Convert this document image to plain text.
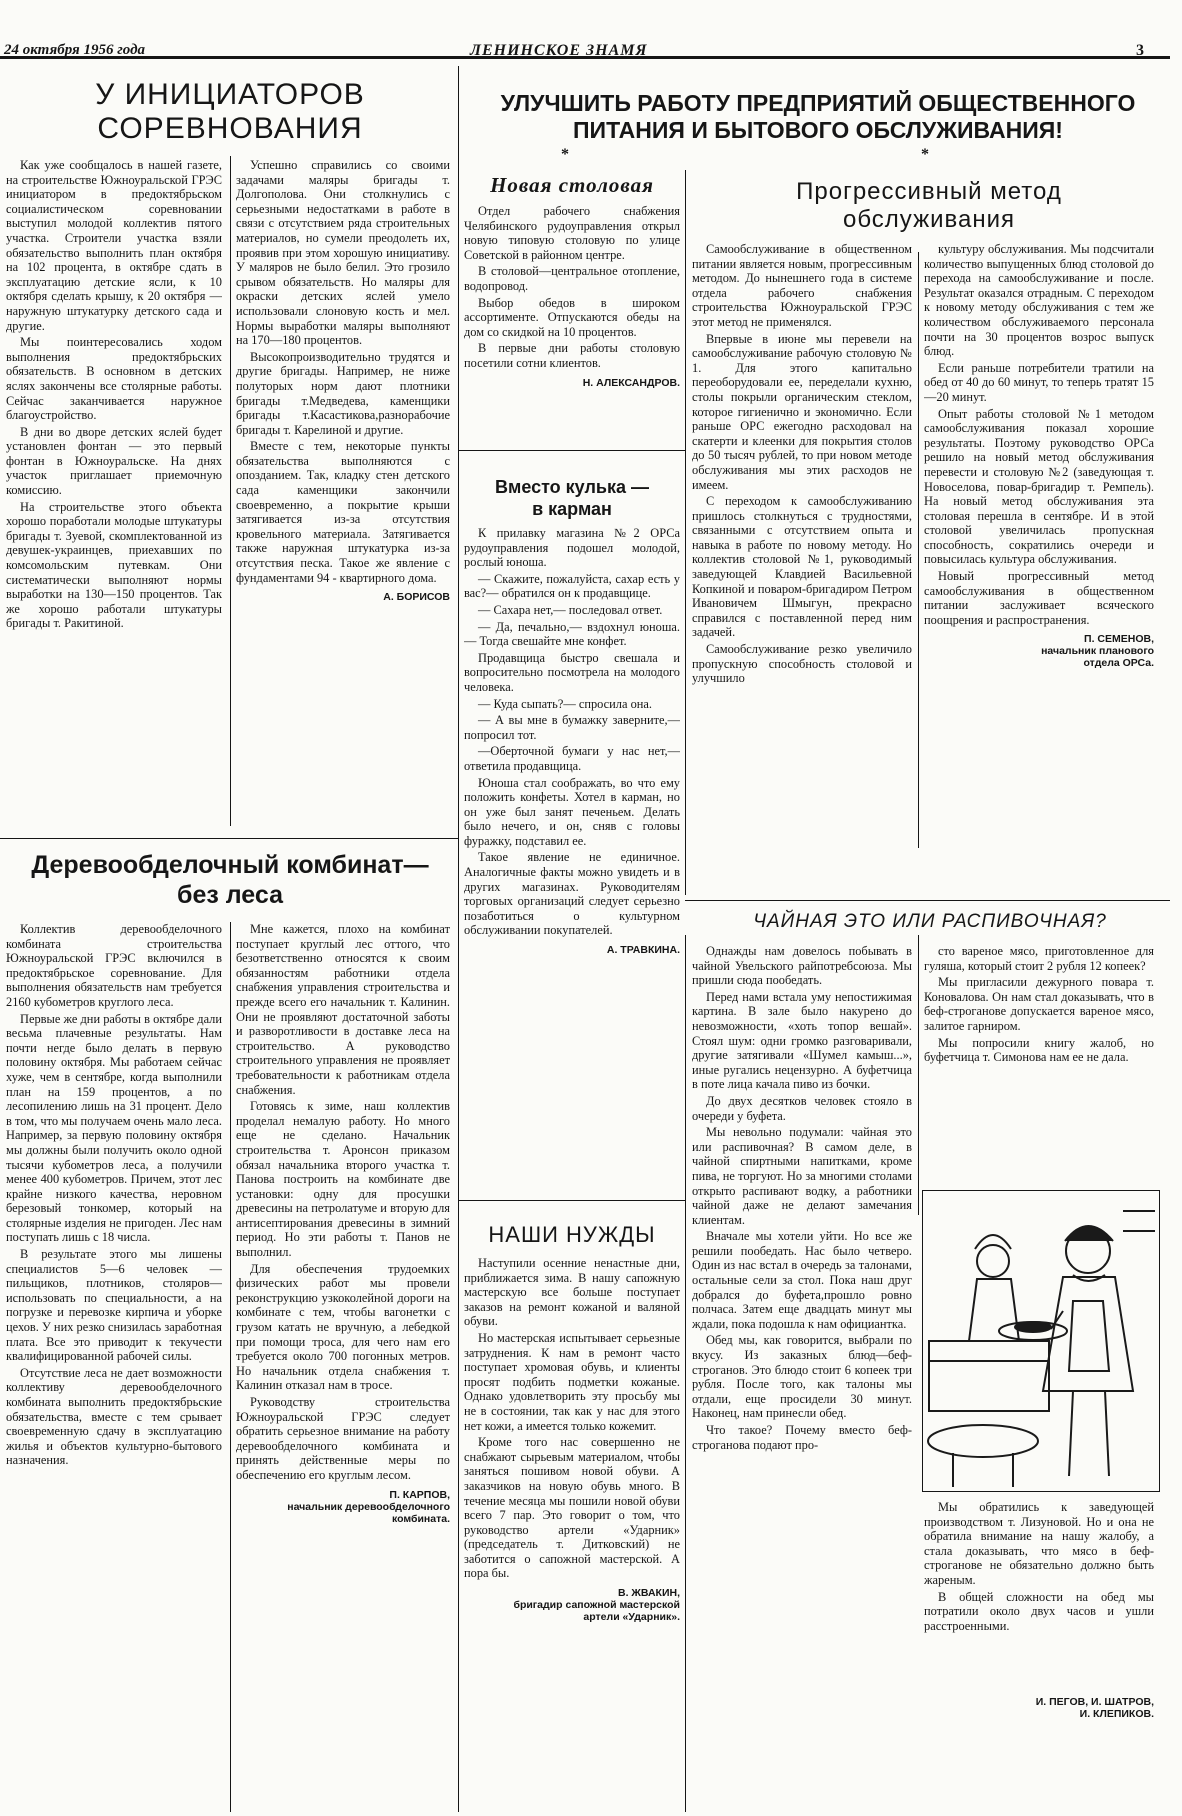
24 октября 1956 года	ЛЕНИНСКОЕ ЗНАМЯ	3
У ИНИЦИАТОРОВ
СОРЕВНОВАНИЯ

Как уже сообщалось в нашей газете, на строительстве Южноуральской ГРЭС инициатором в предоктябрьском социалистическом соревновании выступил молодой коллектив пятого участка. Строители участка взяли обязательство выполнить план октября на 102 процента, в октябре сдать в эксплуатацию детские ясли, к 10 октября сделать крышу, к 20 октября — наружную штукатурку детского сада и другие.

Мы поинтересовались ходом выполнения предоктябрьских обязательств. В основном в детских яслях закончены все столярные работы. Сейчас заканчивается наружное благоустройство.

В дни во дворе детских яслей будет установлен фонтан — это первый фонтан в Южноуральске. На днях участок приглашает приемочную комиссию.

На строительстве этого объекта хорошо поработали молодые штукатуры бригады т. Зуевой, скомплектованной из девушек-украинцев, приехавших по комсомольским путевкам. Они систематически выполняют нормы выработки на 130—150 процентов. Так же хорошо работали штукатуры бригады т. Ракитиной.

Успешно справились со своими задачами маляры бригады т. Долгополова. Они столкнулись с серьезными недостатками в работе в связи с отсутствием ряда строительных материалов, но сумели преодолеть их, проявив при этом хорошую инициативу. У маляров не было белил. Это грозило срывом обязательств. Но маляры для окраски детских яслей умело использовали слоновую кость и мел. Нормы выработки маляры выполняют на 170—180 процентов.

Высокопроизводительно трудятся и другие бригады. Например, не ниже полуторых норм дают плотники бригады т.Медведева, каменщики бригады т.Касастикова,разнорабочие бригады т. Карелиной и другие.

Вместе с тем, некоторые пункты обязательства выполняются с опозданием. Так, кладку стен детского сада каменщики закончили своевременно, а покрытие крыши затягивается из-за отсутствия кровельного материала. Затягивается также наружная штукатурка из-за отсутствия песка. Такое же явление с фундаментами 94 - квартирного дома.

А. БОРИСОВ
Деревообделочный комбинат—
без леса

Коллектив деревообделочного комбината строительства Южноуральской ГРЭС включился в предоктябрьское соревнование. Для выполнения обязательств нам требуется 2160 кубометров круглого леса.

Первые же дни работы в октябре дали весьма плачевные результаты. Нам почти негде было делать в первую половину октября. Мы работаем сейчас хуже, чем в сентябре, когда выполнили план на 159 процентов, а по лесопилению лишь на 31 процент. Дело в том, что мы получаем очень мало леса. Например, за первую половину октября мы должны были получить около одной тысячи кубометров леса, а получили менее 400 кубометров. Причем, этот лес крайне низкого качества, неровном березовый тонкомер, который на столярные изделия не пригоден. Лес нам поступать лишь с 18 числа.

В результате этого мы лишены специалистов 5—6 человек —пильщиков, плотников, столяров—использовать по специальности, а на погрузке и перевозке кирпича и уборке цехов. У них резко снизилась заработная плата. Все это приводит к текучести квалифицированной рабочей силы.

Отсутствие леса не дает возможности коллективу деревообделочного комбината выполнить предоктябрьские обязательства, вместе с тем срывает своевременную сдачу в эксплуатацию жилья и объектов культурно-бытового назначения.

Мне кажется, плохо на комбинат поступает круглый лес оттого, что безответственно относятся к своим обязанностям работники отдела снабжения управления строительства и прежде всего его начальник т. Калинин. Они не проявляют достаточной заботы и разворотливости в доставке леса на строительство. А руководство строительного управления не проявляет требовательности к работникам отдела снабжения.

Готовясь к зиме, наш коллектив проделал немалую работу. Но много еще не сделано. Начальник строительства т. Аронсон приказом обязал начальника второго участка т. Панова построить на комбинате две установки: одну для просушки древесины на петролатуме и вторую для антисептирования древесины в зимний период. Но эти работы т. Панов не выполнил.

Для обеспечения трудоемких физических работ мы провели реконструкцию узкоколейной дороги на комбинате с тем, чтобы вагонетки с грузом катать не вручную, а лебедкой при помощи троса, для чего нам его требуется около 700 погонных метров. Но начальник отдела снабжения т. Калинин отказал нам в тросе.

Руководству строительства Южноуральской ГРЭС следует обратить серьезное внимание на работу деревообделочного комбината и принять действенные меры по обеспечению его круглым лесом.

П. КАРПОВ,
начальник деревообделочного
комбината.
УЛУЧШИТЬ РАБОТУ ПРЕДПРИЯТИЙ ОБЩЕСТВЕННОГО
ПИТАНИЯ И БЫТОВОГО ОБСЛУЖИВАНИЯ!
*	*
Новая столовая

Отдел рабочего снабжения Челябинского рудоуправления открыл новую типовую столовую по улице Советской в районном центре.

В столовой—центральное отопление, водопровод.

Выбор обедов в широком ассортименте. Отпускаются обеды на дом со скидкой на 10 процентов.

В первые дни работы столовую посетили сотни клиентов.

Н. АЛЕКСАНДРОВ.
Вместо кулька —
в карман

К прилавку магазина №2 ОРСа рудоуправления подошел молодой, рослый юноша.

— Скажите, пожалуйста, сахар есть у вас?— обратился он к продавщице.

— Сахара нет,— последовал ответ.

— Да, печально,— вздохнул юноша.— Тогда свешайте мне конфет.

Продавщица быстро свешала и вопросительно посмотрела на молодого человека.

— Куда сыпать?— спросила она.

— А вы мне в бумажку заверните,— попросил тот.

—Оберточной бумаги у нас нет,—ответила продавщица.

Юноша стал соображать, во что ему положить конфеты. Хотел в карман, но он уже был занят печеньем. Делать было нечего, и он, сняв с головы фуражку, подставил ее.

Такое явление не единичное. Аналогичные факты можно увидеть и в других магазинах. Руководителям торговых организаций следует серьезно позаботиться о культурном обслуживании покупателей.

А. ТРАВКИНА.
НАШИ НУЖДЫ

Наступили осенние ненастные дни, приближается зима. В нашу сапожную мастерскую все больше поступает заказов на ремонт кожаной и валяной обуви.

Но мастерская испытывает серьезные затруднения. К нам в ремонт часто поступает хромовая обувь, и клиенты просят подбить подметки кожаные. Однако удовлетворить эту просьбу мы не в состоянии, так как у нас для этого нет кожи, а имеется только кожемит.

Кроме того нас совершенно не снабжают сырьевым материалом, чтобы заняться пошивом новой обуви. А заказчиков на новую обувь много. В течение месяца мы пошили новой обуви всего 7 пар. Это говорит о том, что руководство артели «Ударник» (председатель т. Дитковский) не заботится о сапожной мастерской. А пора бы.

В. ЖВАКИН,
бригадир сапожной мастерской
артели «Ударник».
Прогрессивный метод
обслуживания

Самообслуживание в общественном питании является новым, прогрессивным методом. До нынешнего года в системе отдела рабочего снабжения строительства Южноуральской ГРЭС этот метод не применялся.

Впервые в июне мы перевели на самообслуживание рабочую столовую № 1. Для этого капитально переоборудовали ее, переделали кухню, столы покрыли органическим стеклом, которое гигиенично и экономично. Если раньше ОРС ежегодно расходовал на скатерти и клеенки для покрытия столов до 50 тысяч рублей, то при новом методе обслуживания мы этих расходов не имеем.

С переходом к самообслуживанию пришлось столкнуться с трудностями, связанными с отсутствием опыта и навыка в работе по новому методу. Но коллектив столовой №1, руководимый заведующей Клавдией Васильевной Копкиной и поваром-бригадиром Петром Ивановичем Шмыгун, прекрасно справился с поставленной перед ним задачей.

Самообслуживание резко увеличило пропускную способность столовой и улучшило

культуру обслуживания. Мы подсчитали количество выпущенных блюд столовой до перехода на самообслуживание и после. Результат оказался отрадным. С переходом к новому методу обслуживания с тем же количеством обслуживаемого персонала почти на 30 процентов возрос выпуск блюд.

Если раньше потребители тратили на обед от 40 до 60 минут, то теперь тратят 15—20 минут.

Опыт работы столовой №1 методом самообслуживания показал хорошие результаты. Поэтому руководство ОРСа решило на новый метод обслуживания перевести и столовую №2 (заведующая т. Новоселова, повар-бригадир т. Ремпель). На новый метод обслуживания эта столовая перешла в сентябре. И в этой столовой увеличилась пропускная способность, сократились очереди и повысилась культура обслуживания.

Новый прогрессивный метод самообслуживания в общественном питании заслуживает всяческого поощрения и распространения.

П. СЕМЕНОВ,
начальник планового
отдела ОРСа.
ЧАЙНАЯ ЭТО ИЛИ РАСПИВОЧНАЯ?

Однажды нам довелось побывать в чайной Увельского райпотребсоюза. Мы пришли сюда пообедать.

Перед нами встала уму непостижимая картина. В зале было накурено до невозможности, «хоть топор вешай». Стоял шум: одни громко разговаривали, другие затягивали «Шумел камыш...», иные ругались нецензурно. А буфетчица в поте лица качала пиво из бочки.

До двух десятков человек стояло в очереди у буфета.

Мы невольно подумали: чайная это или распивочная? В самом деле, в чайной спиртными напитками, кроме пива, не торгуют. Но за многими столами открыто распивают водку, а работники чайной даже не делают замечания клиентам.

Вначале мы хотели уйти. Но все же решили пообедать. Нас было четверо. Один из нас встал в очередь за талонами, остальные сели за стол. Пока наш друг добрался до буфета,прошло ровно полчаса. Затем еще двадцать минут мы ждали, пока подошла к нам официантка.

Обед мы, как говорится, выбрали по вкусу. Из заказных блюд—беф-строганов. Это блюдо стоит 6 копеек три рубля. После того, как талоны мы отдали, еще просидели 30 минут. Наконец, нам принесли обед.

Что такое? Почему вместо беф-строганова подают про-

сто вареное мясо, приготовленное для гуляша, который стоит 2 рубля 12 копеек?

Мы пригласили дежурного повара т. Коновалова. Он нам стал доказывать, что в беф-строганове допускается вареное мясо, залитое гарниром.

Мы попросили книгу жалоб, но буфетчица т. Симонова нам ее не дала.

Мы обратились к заведующей производством т. Лизуновой. Но и она не обратила внимание на нашу жалобу, а стала доказывать, что мясо в беф-строганове не обязательно должно быть жареным.

В общей сложности на обед мы потратили около двух часов и ушли расстроенными.

И. ПЕГОВ, И. ШАТРОВ,
И. КЛЕПИКОВ.
